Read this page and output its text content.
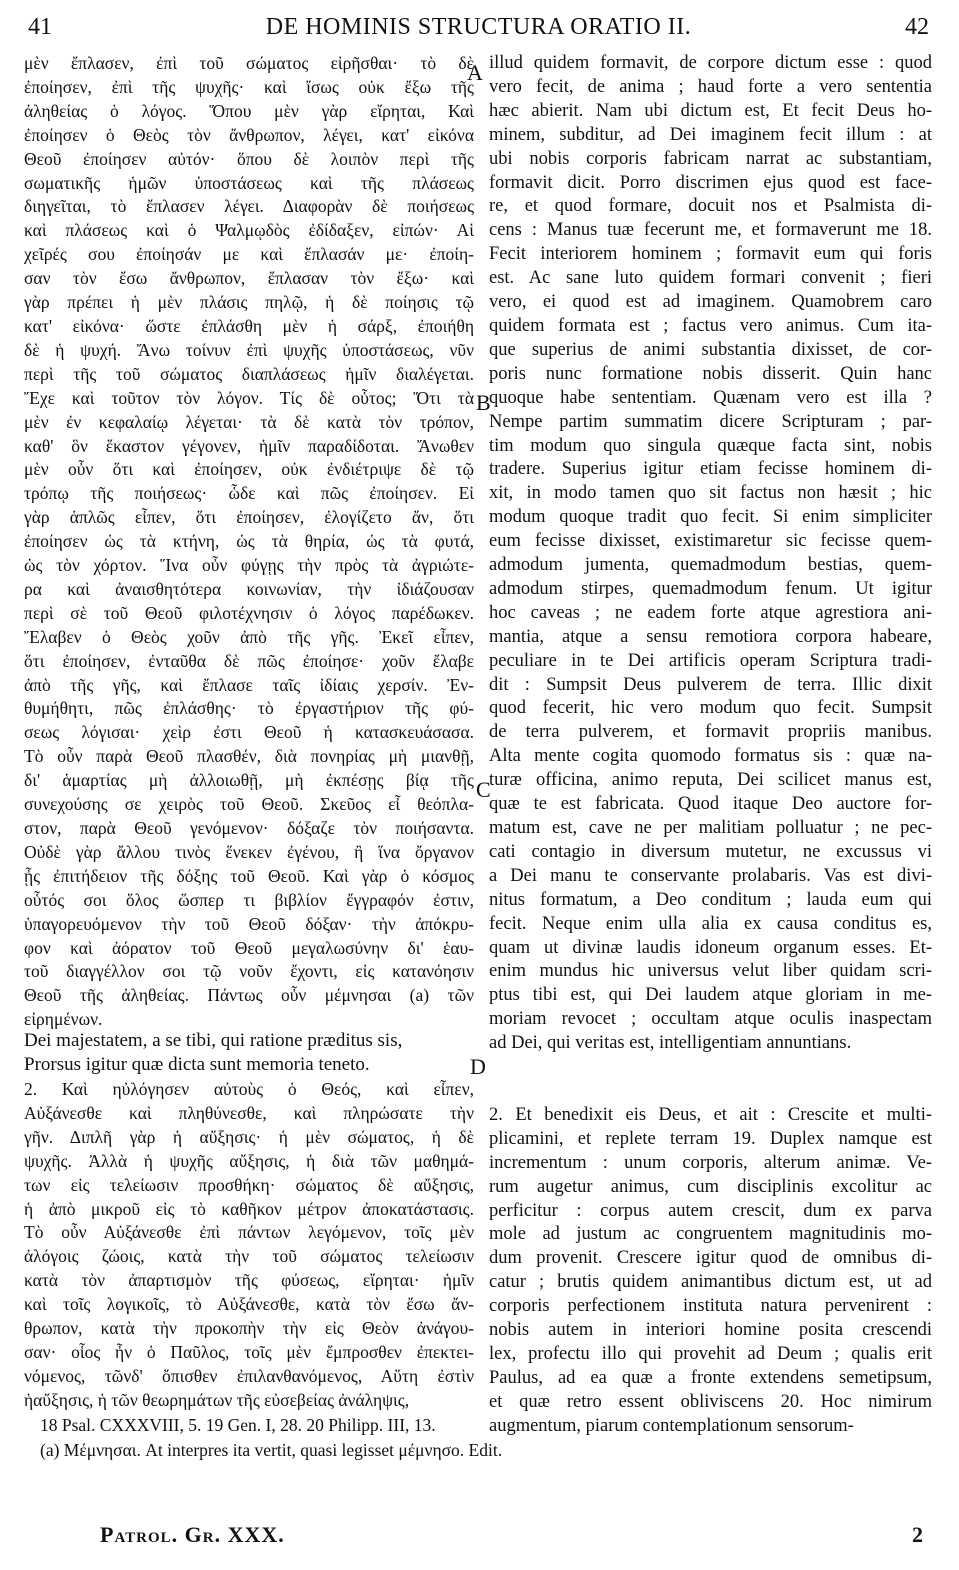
41	DE HOMINIS STRUCTURA ORATIO II.	42
A
B
C
D
μὲν ἔπλασεν, ἐπὶ τοῦ σώματος εἰρῆσθαι· τὸ δὲ
ἐποίησεν, ἐπὶ τῆς ψυχῆς· καὶ ἴσως οὐκ ἔξω τῆς
ἀληθείας ὁ λόγος. Ὅπου μὲν γὰρ εἴρηται, Καὶ
ἐποίησεν ὁ Θεὸς τὸν ἄνθρωπον, λέγει, κατ' εἰκόνα
Θεοῦ ἐποίησεν αὐτόν· ὅπου δὲ λοιπὸν περὶ τῆς
σωματικῆς ἡμῶν ὑποστάσεως καὶ τῆς πλάσεως
διηγεῖται, τὸ ἔπλασεν λέγει. Διαφορὰν δὲ ποιήσεως
καὶ πλάσεως καὶ ὁ Ψαλμῳδὸς ἐδίδαξεν, εἰπών· Αἱ
χεῖρές σου ἐποίησάν με καὶ ἔπλασάν με· ἐποίη-
σαν τὸν ἔσω ἄνθρωπον, ἔπλασαν τὸν ἔξω· καὶ
γὰρ πρέπει ἡ μὲν πλάσις πηλῷ, ἡ δὲ ποίησις τῷ
κατ' εἰκόνα· ὥστε ἐπλάσθη μὲν ἡ σάρξ, ἐποιήθη
δὲ ἡ ψυχή. Ἄνω τοίνυν ἐπὶ ψυχῆς ὑποστάσεως, νῦν
περὶ τῆς τοῦ σώματος διαπλάσεως ἡμῖν διαλέγεται.
Ἔχε καὶ τοῦτον τὸν λόγον. Τίς δὲ οὗτος; Ὅτι τὰ
μὲν ἐν κεφαλαίῳ λέγεται· τὰ δὲ κατὰ τὸν τρόπον,
καθ' ὃν ἕκαστον γέγονεν, ἡμῖν παραδίδοται. Ἄνωθεν
μὲν οὖν ὅτι καὶ ἐποίησεν, οὐκ ἐνδιέτριψε δὲ τῷ
τρόπῳ τῆς ποιήσεως· ὧδε καὶ πῶς ἐποίησεν. Εἰ
γὰρ ἁπλῶς εἶπεν, ὅτι ἐποίησεν, ἐλογίζετο ἄν, ὅτι
ἐποίησεν ὡς τὰ κτήνη, ὡς τὰ θηρία, ὡς τὰ φυτά,
ὡς τὸν χόρτον. Ἵνα οὖν φύγῃς τὴν πρὸς τὰ ἀγριώτε-
ρα καὶ ἀναισθητότερα κοινωνίαν, τὴν ἰδιάζουσαν
περὶ σὲ τοῦ Θεοῦ φιλοτέχνησιν ὁ λόγος παρέδωκεν.
Ἔλαβεν ὁ Θεὸς χοῦν ἀπὸ τῆς γῆς. Ἐκεῖ εἶπεν,
ὅτι ἐποίησεν, ἐνταῦθα δὲ πῶς ἐποίησε· χοῦν ἔλαβε
ἀπὸ τῆς γῆς, καὶ ἔπλασε ταῖς ἰδίαις χερσίν. Ἐν-
θυμήθητι, πῶς ἐπλάσθης· τὸ ἐργαστήριον τῆς φύ-
σεως λόγισαι· χεὶρ ἐστι Θεοῦ ἡ κατασκευάσασα.
Τὸ οὖν παρὰ Θεοῦ πλασθέν, διὰ πονηρίας μὴ μιανθῇ,
δι' ἁμαρτίας μὴ ἀλλοιωθῇ, μὴ ἐκπέσῃς βίᾳ τῆς
συνεχούσης σε χειρὸς τοῦ Θεοῦ. Σκεῦος εἶ θεόπλα-
στον, παρὰ Θεοῦ γενόμενον· δόξαζε τὸν ποιήσαντα.
Οὐδὲ γὰρ ἄλλου τινὸς ἕνεκεν ἐγένου, ἢ ἵνα ὄργανον
ᾖς ἐπιτήδειον τῆς δόξης τοῦ Θεοῦ. Καὶ γὰρ ὁ κόσμος
οὗτός σοι ὅλος ὥσπερ τι βιβλίον ἔγγραφόν ἐστιν,
ὑπαγορευόμενον τὴν τοῦ Θεοῦ δόξαν· τὴν ἀπόκρυ-
φον καὶ ἀόρατον τοῦ Θεοῦ μεγαλωσύνην δι' ἑαυ-
τοῦ διαγγέλλον σοι τῷ νοῦν ἔχοντι, εἰς κατανόησιν
Θεοῦ τῆς ἀληθείας. Πάντως οὖν μέμνησαι (a) τῶν
εἰρημένων.
Dei majestatem, a se tibi, qui ratione præditus sis,
Prorsus igitur quæ dicta sunt memoria teneto.
2. Καὶ ηὐλόγησεν αὐτοὺς ὁ Θεός, καὶ εἶπεν,
Αὐξάνεσθε καὶ πληθύνεσθε, καὶ πληρώσατε τὴν
γῆν. Διπλῆ γὰρ ἡ αὔξησις· ἡ μὲν σώματος, ἡ δὲ
ψυχῆς. Ἀλλὰ ἡ ψυχῆς αὔξησις, ἡ διὰ τῶν μαθημά-
των εἰς τελείωσιν προσθήκη· σώματος δὲ αὔξησις,
ἡ ἀπὸ μικροῦ εἰς τὸ καθῆκον μέτρον ἀποκατάστασις.
Τὸ οὖν Αὐξάνεσθε ἐπὶ πάντων λεγόμενον, τοῖς μὲν
ἀλόγοις ζώοις, κατὰ τὴν τοῦ σώματος τελείωσιν
κατὰ τὸν ἀπαρτισμὸν τῆς φύσεως, εἴρηται· ἡμῖν
καὶ τοῖς λογικοῖς, τὸ Αὐξάνεσθε, κατὰ τὸν ἔσω ἄν-
θρωπον, κατὰ τὴν προκοπὴν τὴν εἰς Θεὸν ἀνάγου-
σαν· οἷος ἦν ὁ Παῦλος, τοῖς μὲν ἔμπροσθεν ἐπεκτει-
νόμενος, τῶνδ' ὄπισθεν ἐπιλανθανόμενος, Αὕτη ἐστὶν
ἡαὔξησις, ἡ τῶν θεωρημάτων τῆς εὐσεβείας ἀνάληψις,
illud quidem formavit, de corpore dictum esse : quod
vero fecit, de anima ; haud forte a vero sententia
hæc abierit. Nam ubi dictum est, Et fecit Deus ho-
minem, subditur, ad Dei imaginem fecit illum : at
ubi nobis corporis fabricam narrat ac substantiam,
formavit dicit. Porro discrimen ejus quod est face-
re, et quod formare, docuit nos et Psalmista di-
cens : Manus tuæ fecerunt me, et formaverunt me 18.
Fecit interiorem hominem ; formavit eum qui foris
est. Ac sane luto quidem formari convenit ; fieri
vero, ei quod est ad imaginem. Quamobrem caro
quidem formata est ; factus vero animus. Cum ita-
que superius de animi substantia dixisset, de cor-
poris nunc formatione nobis disserit. Quin hanc
quoque habe sententiam. Quænam vero est illa ?
Nempe partim summatim dicere Scripturam ; par-
tim modum quo singula quæque facta sint, nobis
tradere. Superius igitur etiam fecisse hominem di-
xit, in modo tamen quo sit factus non hæsit ; hic
modum quoque tradit quo fecit. Si enim simpliciter
eum fecisse dixisset, existimaretur sic fecisse quem-
admodum jumenta, quemadmodum bestias, quem-
admodum stirpes, quemadmodum fenum. Ut igitur
hoc caveas ; ne eadem forte atque agrestiora ani-
mantia, atque a sensu remotiora corpora habeare,
peculiare in te Dei artificis operam Scriptura tradi-
dit : Sumpsit Deus pulverem de terra. Illic dixit
quod fecerit, hic vero modum quo fecit. Sumpsit
de terra pulverem, et formavit propriis manibus.
Alta mente cogita quomodo formatus sis : quæ na-
turæ officina, animo reputa, Dei scilicet manus est,
quæ te est fabricata. Quod itaque Deo auctore for-
matum est, cave ne per malitiam polluatur ; ne pec-
cati contagio in diversum mutetur, ne excussus vi
a Dei manu te conservante prolabaris. Vas est divi-
nitus formatum, a Deo conditum ; lauda eum qui
fecit. Neque enim ulla alia ex causa conditus es,
quam ut divinæ laudis idoneum organum esses. Et-
enim mundus hic universus velut liber quidam scri-
ptus tibi est, qui Dei laudem atque gloriam in me-
moriam revocet ; occultam atque oculis inaspectam
ad Dei, qui veritas est, intelligentiam annuntians.

2. Et benedixit eis Deus, et ait : Crescite et multi-
plicamini, et replete terram 19. Duplex namque est
incrementum : unum corporis, alterum animæ. Ve-
rum augetur animus, cum disciplinis excolitur ac
perficitur : corpus autem crescit, dum ex parva
mole ad justum ac congruentem magnitudinis mo-
dum provenit. Crescere igitur quod de omnibus di-
catur ; brutis quidem animantibus dictum est, ut ad
corporis perfectionem instituta natura pervenirent :
nobis autem in interiori homine posita crescendi
lex, profectu illo qui provehit ad Deum ; qualis erit
Paulus, ad ea quæ a fronte extendens semetipsum,
et quæ retro essent obliviscens 20. Hoc nimirum
augmentum, piarum contemplationum sensorum-
18 Psal. CXXXVIII, 5. 19 Gen. I, 28. 20 Philipp. III, 13.
(a) Μέμνησαι. At interpres ita vertit, quasi legisset μέμνησο. Edit.
Patrol. Gr. XXX.	2
